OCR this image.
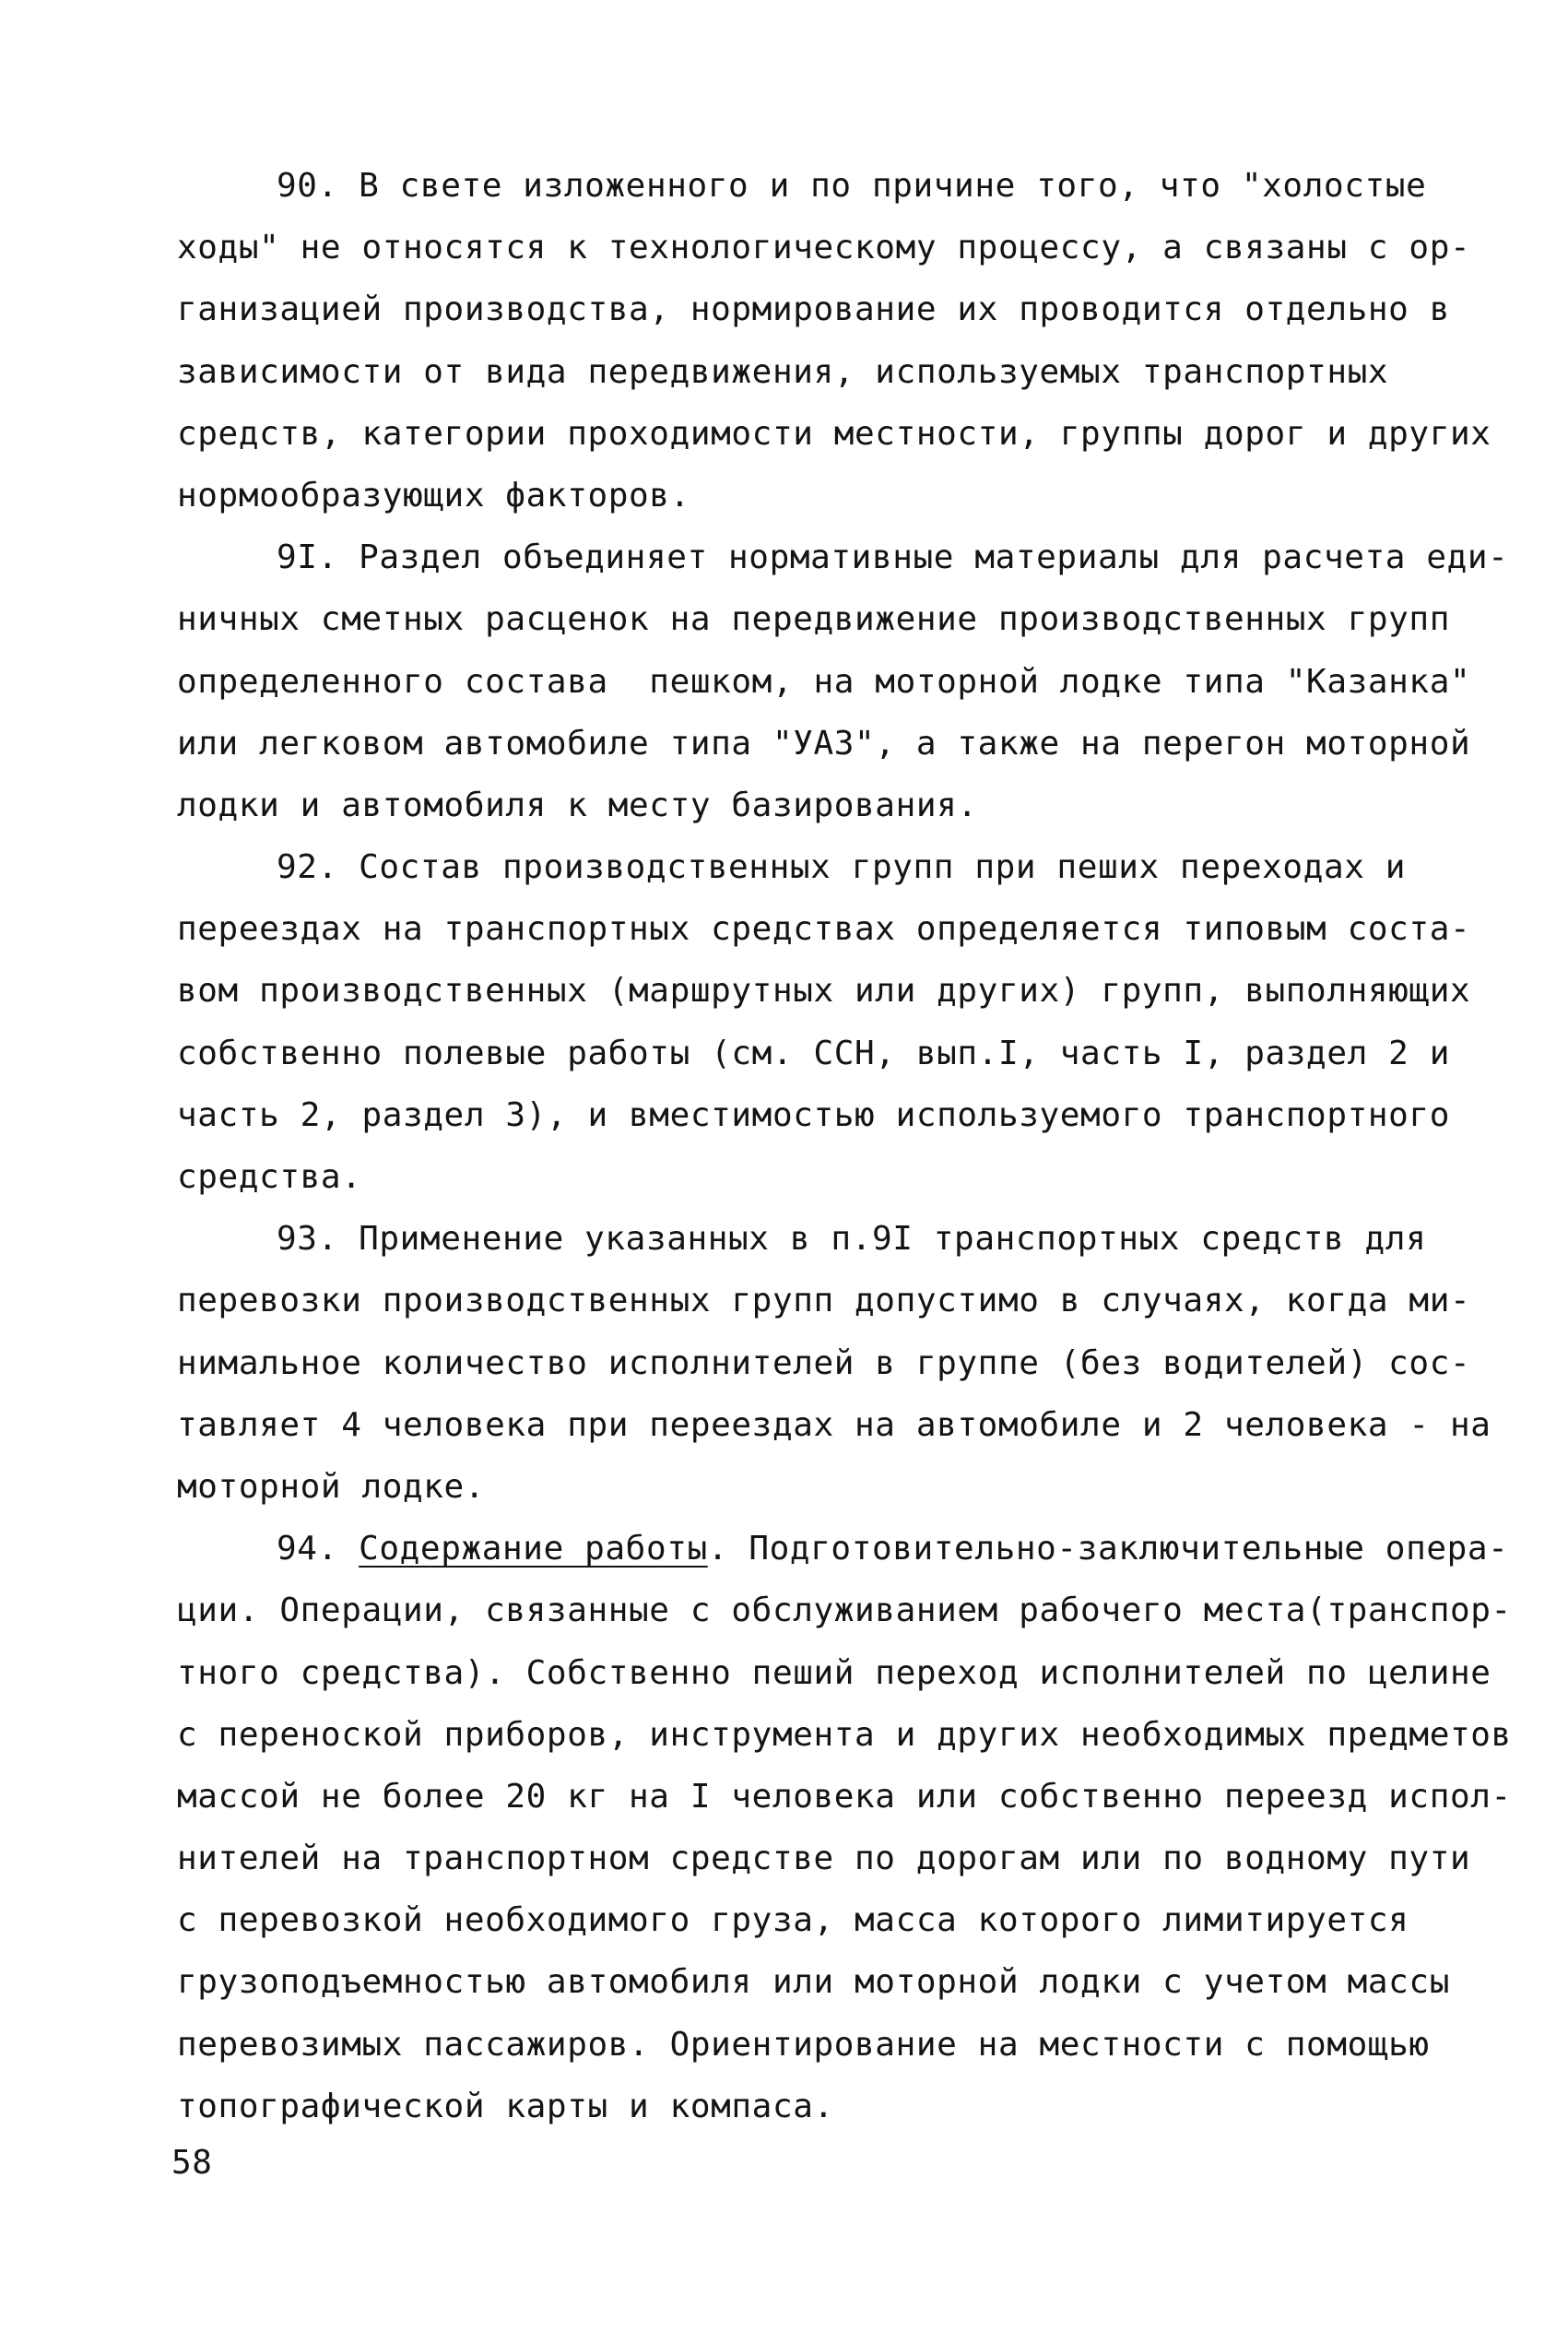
90. В свете изложенного и по причине того, что "холостые
ходы" не относятся к технологическому процессу, а связаны с ор-
ганизацией производства, нормирование их проводится отдельно в
зависимости от вида передвижения, используемых транспортных
средств, категории проходимости местности, группы дорог и других
нормообразующих факторов.
9I. Раздел объединяет нормативные материалы для расчета еди-
ничных сметных расценок на передвижение производственных групп
определенного состава  пешком, на моторной лодке типа "Казанка"
или легковом автомобиле типа "УАЗ", а также на перегон моторной
лодки и автомобиля к месту базирования.
92. Состав производственных групп при пеших переходах и
переездах на транспортных средствах определяется типовым соста-
вом производственных (маршрутных или других) групп, выполняющих
собственно полевые работы (см. ССН, вып.I, часть I, раздел 2 и
часть 2, раздел 3), и вместимостью используемого транспортного
средства.
93. Применение указанных в п.9I транспортных средств для
перевозки производственных групп допустимо в случаях, когда ми-
нимальное количество исполнителей в группе (без водителей) сос-
тавляет 4 человека при переездах на автомобиле и 2 человека - на
моторной лодке.
94. Содержание работы. Подготовительно-заключительные опера-
ции. Операции, связанные с обслуживанием рабочего места(транспор-
тного средства). Собственно пеший переход исполнителей по целине
с переноской приборов, инструмента и других необходимых предметов
массой не более 20 кг на I человека или собственно переезд испол-
нителей на транспортном средстве по дорогам или по водному пути
с перевозкой необходимого груза, масса которого лимитируется
грузоподъемностью автомобиля или моторной лодки с учетом массы
перевозимых пассажиров. Ориентирование на местности с помощью
топографической карты и компаса.
58
